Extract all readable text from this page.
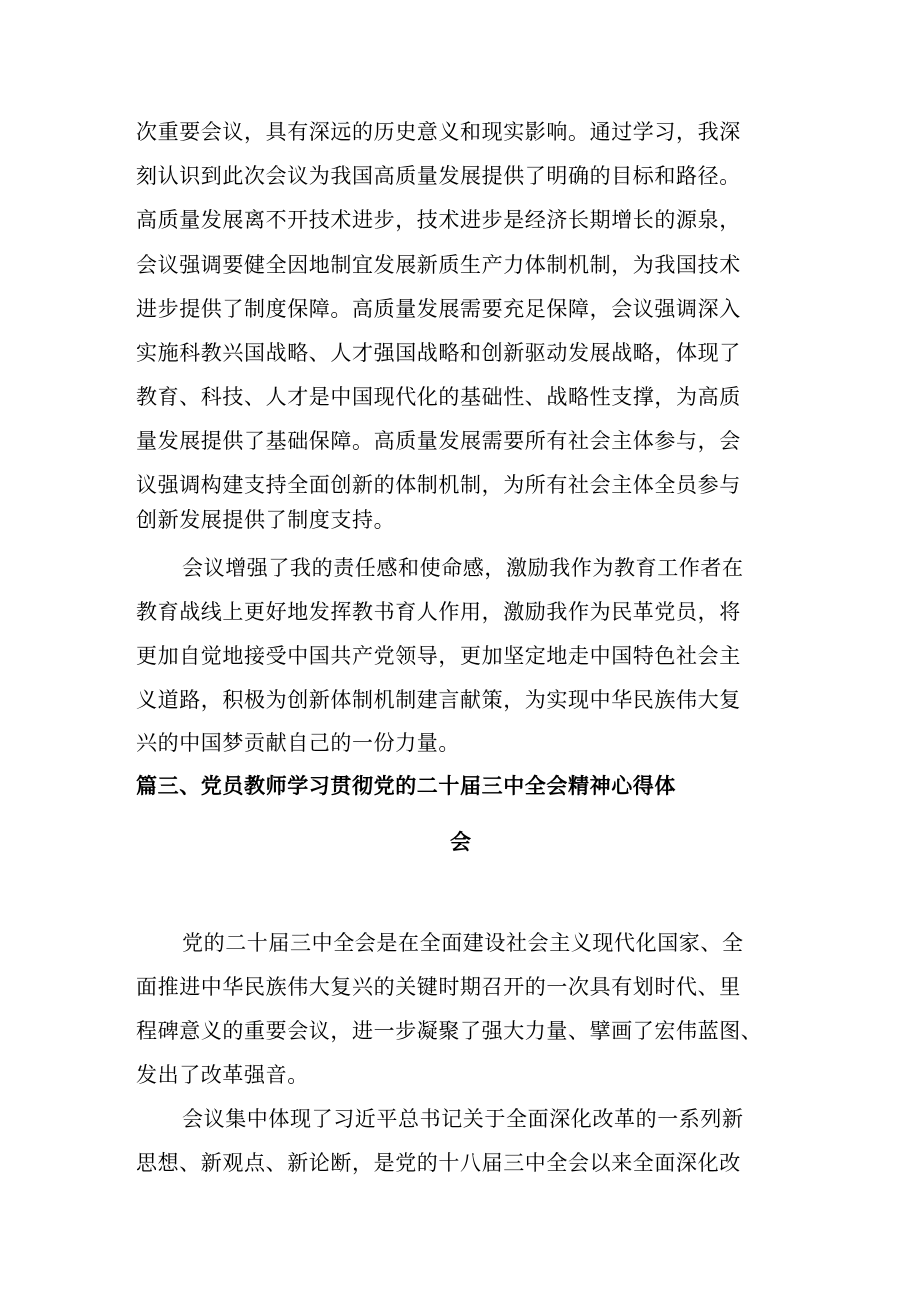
次重要会议，具有深远的历史意义和现实影响。通过学习，我深
刻认识到此次会议为我国高质量发展提供了明确的目标和路径。
高质量发展离不开技术进步，技术进步是经济长期增长的源泉，
会议强调要健全因地制宜发展新质生产力体制机制，为我国技术
进步提供了制度保障。高质量发展需要充足保障，会议强调深入
实施科教兴国战略、人才强国战略和创新驱动发展战略，体现了
教育、科技、人才是中国现代化的基础性、战略性支撑，为高质
量发展提供了基础保障。高质量发展需要所有社会主体参与，会
议强调构建支持全面创新的体制机制，为所有社会主体全员参与
创新发展提供了制度支持。
会议增强了我的责任感和使命感，激励我作为教育工作者在
教育战线上更好地发挥教书育人作用，激励我作为民革党员，将
更加自觉地接受中国共产党领导，更加坚定地走中国特色社会主
义道路，积极为创新体制机制建言献策，为实现中华民族伟大复
兴的中国梦贡献自己的一份力量。
篇三、党员教师学习贯彻党的二十届三中全会精神心得体
会
党的二十届三中全会是在全面建设社会主义现代化国家、全
面推进中华民族伟大复兴的关键时期召开的一次具有划时代、里
程碑意义的重要会议，进一步凝聚了强大力量、擘画了宏伟蓝图、
发出了改革强音。
会议集中体现了习近平总书记关于全面深化改革的一系列新
思想、新观点、新论断，是党的十八届三中全会以来全面深化改
